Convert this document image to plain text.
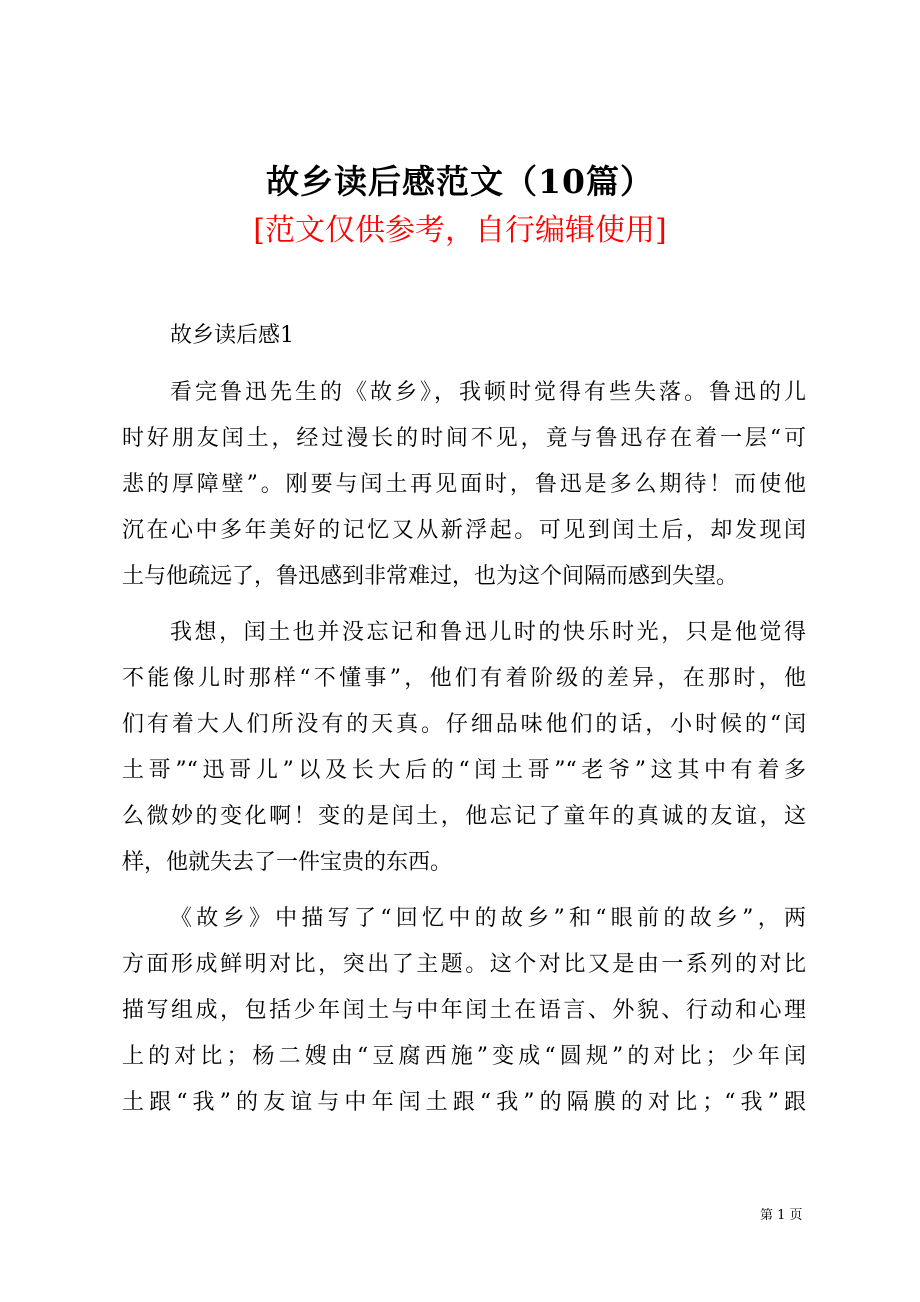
故乡读后感范文（10篇）
[范文仅供参考，自行编辑使用]
故乡读后感1
看完鲁迅先生的《故乡》，我顿时觉得有些失落。鲁迅的儿
时好朋友闰土，经过漫长的时间不见，竟与鲁迅存在着一层“可
悲的厚障壁”。刚要与闰土再见面时，鲁迅是多么期待！而使他
沉在心中多年美好的记忆又从新浮起。可见到闰土后，却发现闰
土与他疏远了，鲁迅感到非常难过，也为这个间隔而感到失望。
我想，闰土也并没忘记和鲁迅儿时的快乐时光，只是他觉得
不能像儿时那样“不懂事”，他们有着阶级的差异，在那时，他
们有着大人们所没有的天真。仔细品味他们的话，小时候的“闰
土哥”“迅哥儿”以及长大后的“闰土哥”“老爷”这其中有着多
么微妙的变化啊！变的是闰土，他忘记了童年的真诚的友谊，这
样，他就失去了一件宝贵的东西。
《故乡》中描写了“回忆中的故乡”和“眼前的故乡”，两
方面形成鲜明对比，突出了主题。这个对比又是由一系列的对比
描写组成，包括少年闰土与中年闰土在语言、外貌、行动和心理
上的对比；杨二嫂由“豆腐西施”变成“圆规”的对比；少年闰
土跟“我”的友谊与中年闰土跟“我”的隔膜的对比；“我”跟
第 1 页
